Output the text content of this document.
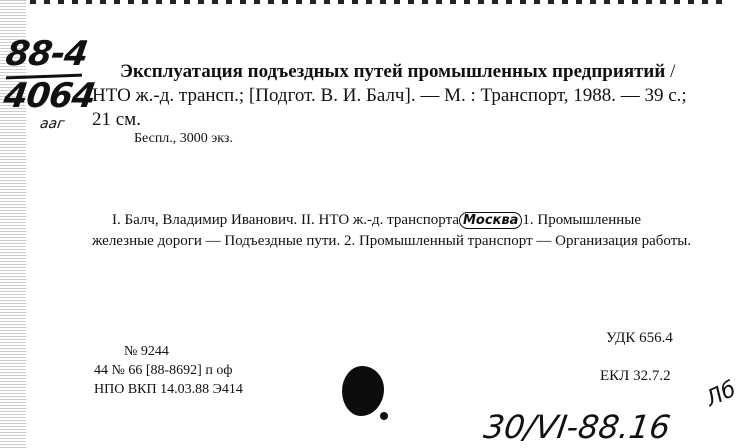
88-4
4064
ааг
Эксплуатация подъездных путей промышленных предприятий / НТО ж.-д. трансп.; [Подгот. В. И. Балч]. — М. : Транспорт, 1988. — 39 с.; 21 см.
Беспл., 3000 экз.
I. Балч, Владимир Иванович. II. НТО ж.-д. транспорта Москва 1. Промышленные железные дороги — Подъездные пути. 2. Промышленный транспорт — Организация работы.
№ 9244
44 № 66 [88-8692] п оф
НПО ВКП 14.03.88 Э414
УДК 656.4
ЕКЛ 32.7.2
30/VI-88.16
Лб
